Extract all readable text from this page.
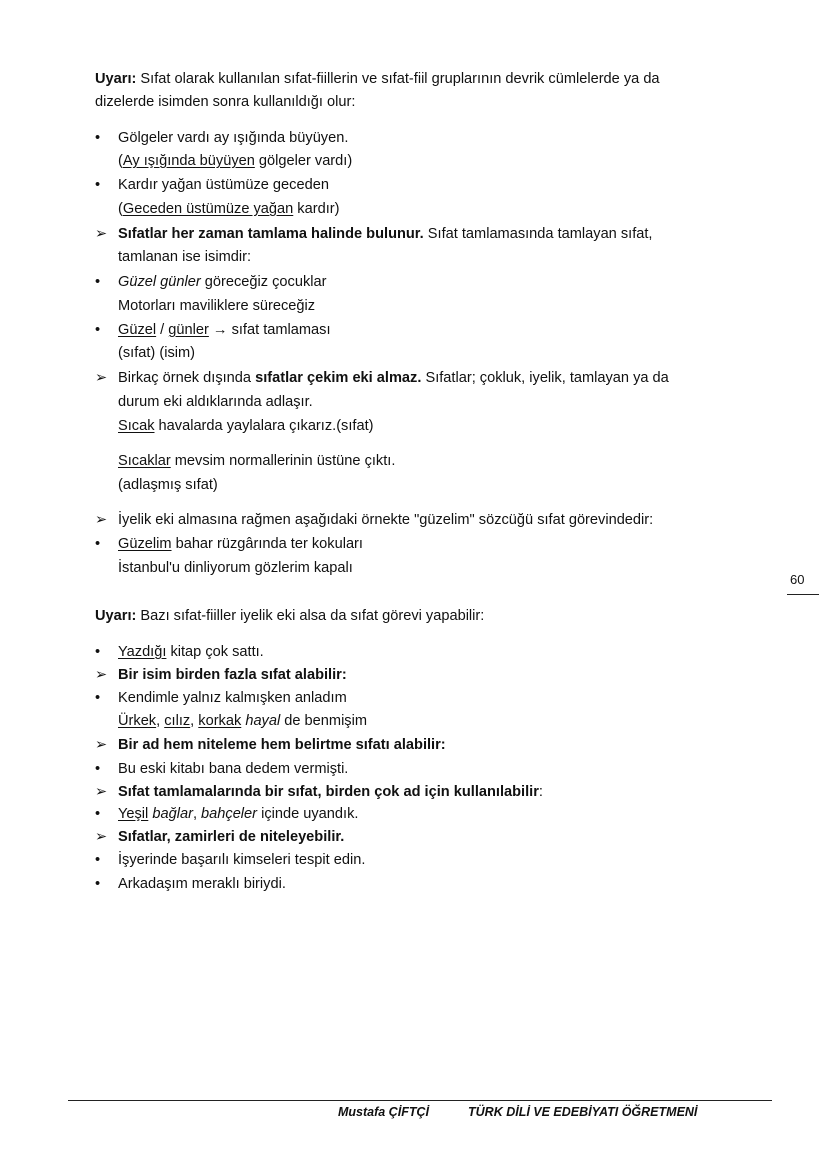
Uyarı: Sıfat olarak kullanılan sıfat-fiillerin ve sıfat-fiil gruplarının devrik cümlelerde ya da
dizelerde isimden sonra kullanıldığı olur:
•	Gölgeler vardı ay ışığında büyüyen.
(Ay ışığında büyüyen gölgeler vardı)
•	Kardır yağan üstümüze geceden
(Geceden üstümüze yağan kardır)
➢ Sıfatlar her zaman tamlama halinde bulunur. Sıfat tamlamasında tamlayan sıfat,
tamlanan ise isimdir:
•	Güzel günler göreceğiz çocuklar
Motorları maviliklere süreceğiz
•	Güzel / günler → sıfat tamlaması
(sıfat) (isim)
➢ Birkaç örnek dışında sıfatlar çekim eki almaz. Sıfatlar; çokluk, iyelik, tamlayan ya da
durum eki aldıklarında adlaşır.
Sıcak havalarda yaylalara çıkarız.(sıfat)
Sıcaklar mevsim normallerinin üstüne çıktı.
(adlaşmış sıfat)
➢ İyelik eki almasına rağmen aşağıdaki örnekte "güzelim" sözcüğü sıfat görevindedir:
•	Güzelim bahar rüzgârında ter kokuları
İstanbul'u dinliyorum gözlerim kapalı
Uyarı: Bazı sıfat-fiiller iyelik eki alsa da sıfat görevi yapabilir:
•	Yazdığı kitap çok sattı.
➢ Bir isim birden fazla sıfat alabilir:
•	Kendimle yalnız kalmışken anladım
Ürkek, cılız, korkak hayal de benmişim
➢ Bir ad hem niteleme hem belirtme sıfatı alabilir:
•	Bu eski kitabı bana dedem vermişti.
➢ Sıfat tamlamalarında bir sıfat, birden çok ad için kullanılabilir:
•	Yeşil bağlar, bahçeler içinde uyandık.
➢ Sıfatlar, zamirleri de niteleyebilir.
•	İşyerinde başarılı kimseleri tespit edin.
•	Arkadaşım meraklı biriydi.
60
Mustafa ÇİFTÇİ	TÜRK DİLİ VE EDEBİYATI ÖĞRETMENİ
